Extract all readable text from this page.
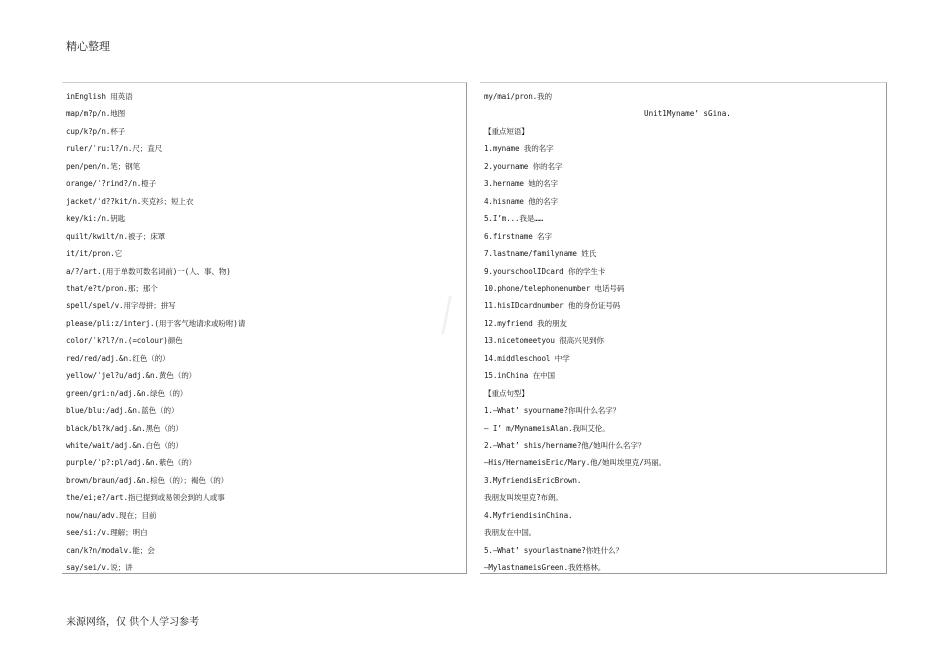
精心整理
inEnglish 用英语
map/m?p/n.地图
cup/k?p/n.杯子
ruler/ˈru:l?/n.尺；直尺
pen/pen/n.笔；钢笔
orange/ˈ?rind?/n.橙子
jacket/ˈd??kit/n.夹克衫；短上衣
key/ki:/n.钥匙
quilt/kwilt/n.被子；床罩
it/it/pron.它
a/?/art.(用于单数可数名词前)一(人、事、物)
that/e?t/pron.那；那个
spell/spel/v.用字母拼；拼写
please/pli:z/interj.(用于客气地请求或吩咐)请
color/ˈk?l?/n.(=colour)颜色
red/red/adj.&n.红色（的）
yellow/ˈjel?u/adj.&n.黄色（的）
green/gri:n/adj.&n.绿色（的）
blue/blu:/adj.&n.蓝色（的）
black/bl?k/adj.&n.黑色（的）
white/wait/adj.&n.白色（的）
purple/ˈp?:pl/adj.&n.紫色（的）
brown/braun/adj.&n.棕色（的）；褐色（的）
the/ei;e?/art.指已提到或易领会到的人或事
now/nau/adv.现在；目前
see/si:/v.理解；明白
can/k?n/modalv.能；会
say/sei/v.说；讲
my/mai/pron.我的
【重点短语】
1.myname 我的名字
2.yourname 你的名字
3.hername 她的名字
4.hisname 他的名字
5.I’m...我是……
6.firstname 名字
7.lastname/familyname 姓氏
9.yourschoolIDcard 你的学生卡
10.phone/telephonenumber 电话号码
11.hisIDcardnumber 他的身份证号码
12.myfriend 我的朋友
13.nicetomeetyou 很高兴见到你
14.middleschool 中学
15.inChina 在中国
【重点句型】
1.—What’ syourname?你叫什么名字？
— I’ m/MynameisAlan.我叫艾伦。
2.—What’ shis/hername?他/她叫什么名字？
—His/HernameisEric/Mary.他/她叫埃里克/玛丽。
3.MyfriendisEricBrown.
我朋友叫埃里克?布朗。
4.MyfriendisinChina.
我朋友在中国。
5.—What’ syourlastname?你姓什么？
—MylastnameisGreen.我姓格林。
Unit1Myname’ sGina.
⁄
来源网络，仅 供个人学习参考
